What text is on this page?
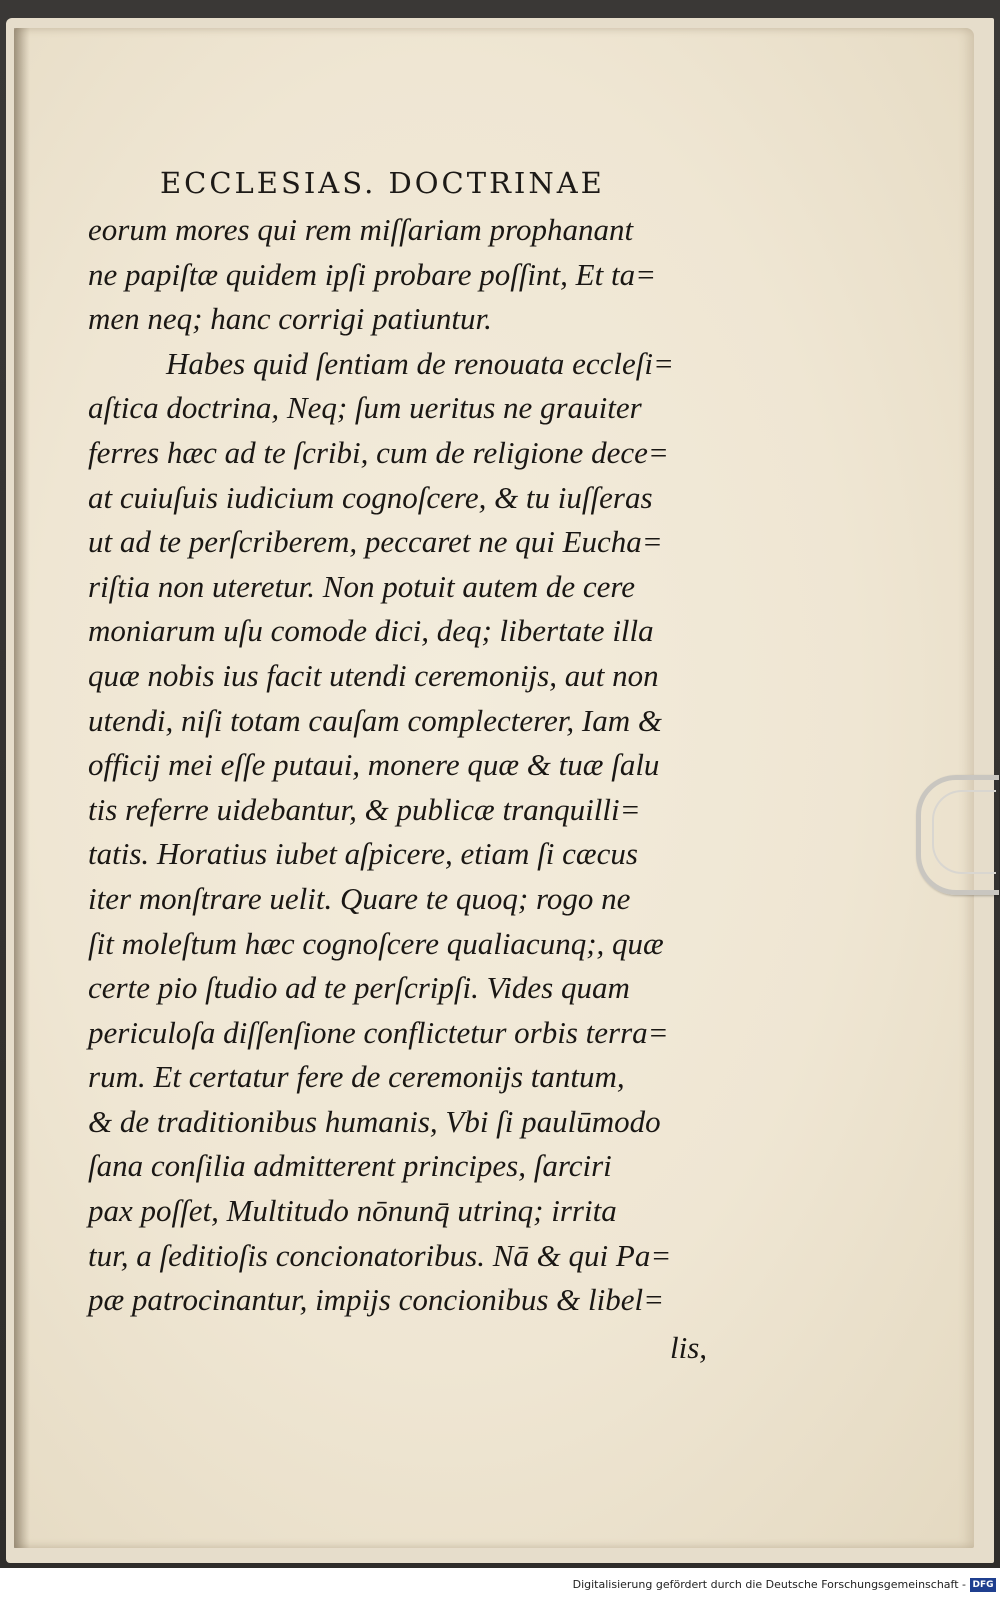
ECCLESIAS. DOCTRINAE
eorum mores qui rem miſſariam prophanant
ne papiſtæ quidem ipſi probare poſſint, Et ta=
men neq; hanc corrigi patiuntur.
Habes quid ſentiam de renouata eccleſi=
aſtica doctrina, Neq; ſum ueritus ne grauiter
ferres hæc ad te ſcribi, cum de religione dece=
at cuiuſuis iudicium cognoſcere, & tu iuſſeras
ut ad te perſcriberem, peccaret ne qui Eucha=
riſtia non uteretur. Non potuit autem de cere
moniarum uſu comode dici, deq; libertate illa
quæ nobis ius facit utendi ceremonijs, aut non
utendi, niſi totam cauſam complecterer, Iam &
officij mei eſſe putaui, monere quæ & tuæ ſalu
tis referre uidebantur, & publicæ tranquilli=
tatis. Horatius iubet aſpicere, etiam ſi cæcus
iter monſtrare uelit. Quare te quoq; rogo ne
ſit moleſtum hæc cognoſcere qualiacunq;, quæ
certe pio ſtudio ad te perſcripſi. Vides quam
periculoſa diſſenſione conflictetur orbis terra=
rum. Et certatur fere de ceremonijs tantum,
& de traditionibus humanis, Vbi ſi paulūmodo
ſana conſilia admitterent principes, ſarciri
pax poſſet, Multitudo nōnunq̄ utrinq; irrita
tur, a ſeditioſis concionatoribus. Nā & qui Pa=
pæ patrocinantur, impijs concionibus & libel=
lis,
Digitalisierung gefördert durch die Deutsche Forschungsgemeinschaft - DFG
